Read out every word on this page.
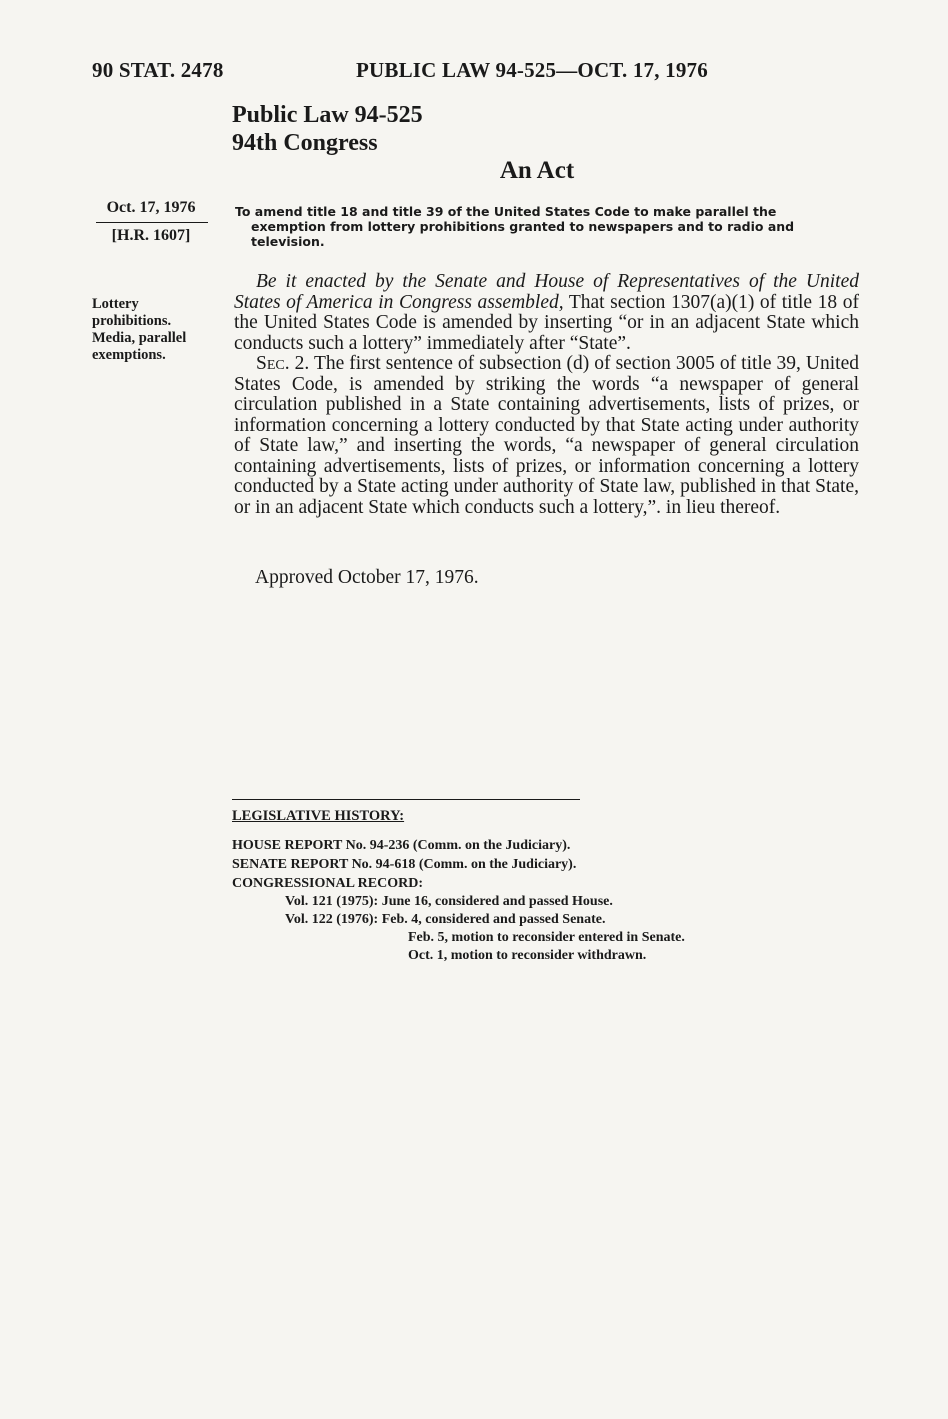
90 STAT. 2478	PUBLIC LAW 94-525—OCT. 17, 1976
Public Law 94-525
94th Congress
An Act
Oct. 17, 1976
[H.R. 1607]
Lottery
prohibitions.
Media, parallel
exemptions.
To amend title 18 and title 39 of the United States Code to make parallel the
exemption from lottery prohibitions granted to newspapers and to radio and
television.

Be it enacted by the Senate and House of Representatives of the United States of America in Congress assembled, That section 1307(a)(1) of title 18 of the United States Code is amended by inserting “or in an adjacent State which conducts such a lottery” immediately after “State”.

Sec. 2. The first sentence of subsection (d) of section 3005 of title 39, United States Code, is amended by striking the words “a newspaper of general circulation published in a State containing advertisements, lists of prizes, or information concerning a lottery conducted by that State acting under authority of State law,” and inserting the words, “a newspaper of general circulation containing advertisements, lists of prizes, or information concerning a lottery conducted by a State acting under authority of State law, published in that State, or in an adjacent State which conducts such a lottery,”. in lieu thereof.

Approved October 17, 1976.
LEGISLATIVE HISTORY:
HOUSE REPORT No. 94-236 (Comm. on the Judiciary).
SENATE REPORT No. 94-618 (Comm. on the Judiciary).
CONGRESSIONAL RECORD:
Vol. 121 (1975): June 16, considered and passed House.
Vol. 122 (1976): Feb. 4, considered and passed Senate.
Feb. 5, motion to reconsider entered in Senate.
Oct. 1, motion to reconsider withdrawn.
